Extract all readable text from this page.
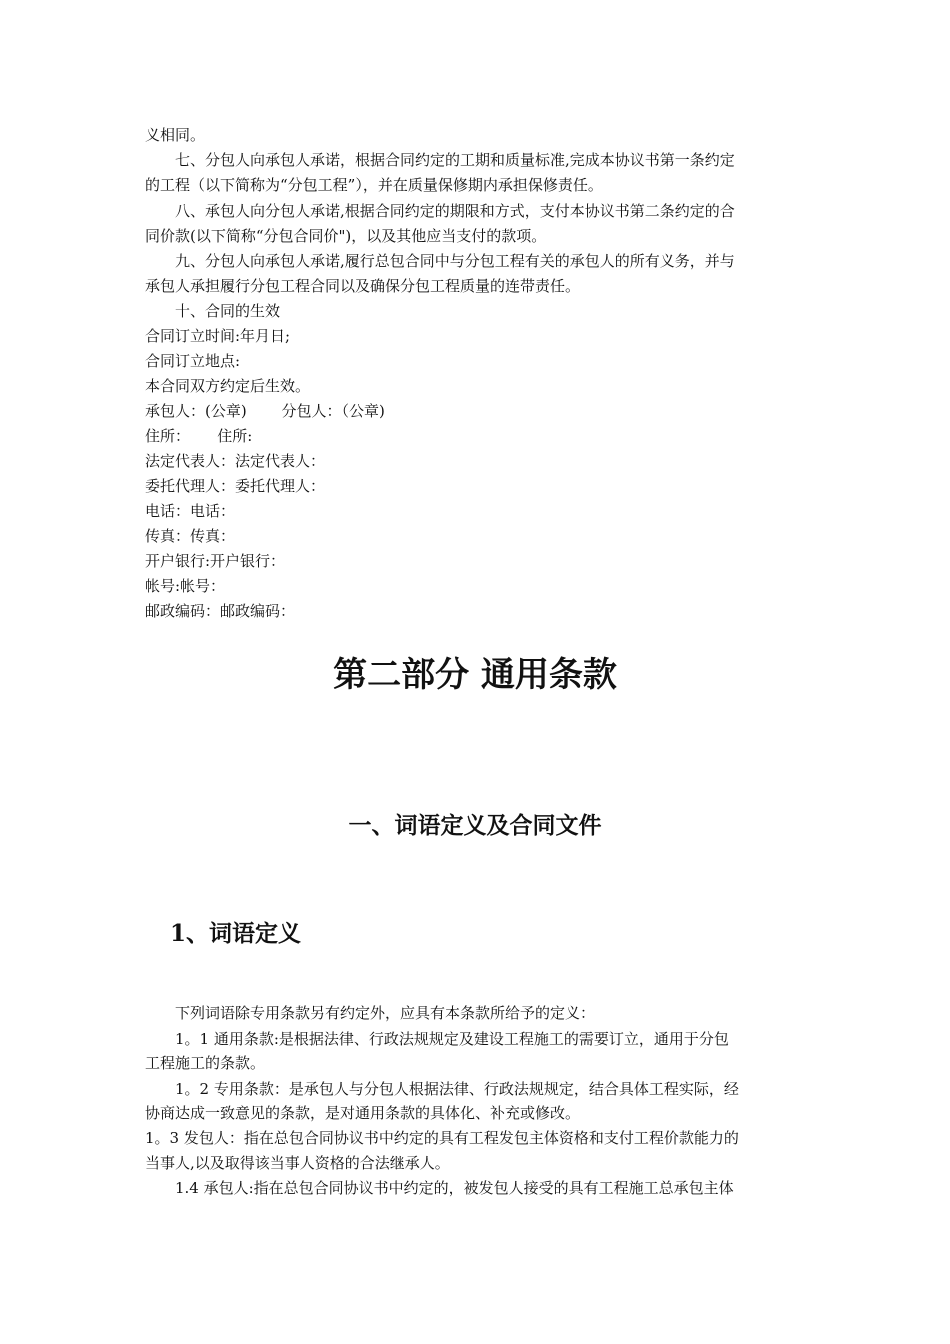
义相同。
　　七、分包人向承包人承诺，根据合同约定的工期和质量标准,完成本协议书第一条约定
的工程（以下简称为“分包工程”），并在质量保修期内承担保修责任。
　　八、承包人向分包人承诺,根据合同约定的期限和方式，支付本协议书第二条约定的合
同价款(以下简称“分包合同价")，以及其他应当支付的款项。
　　九、分包人向承包人承诺,履行总包合同中与分包工程有关的承包人的所有义务，并与
承包人承担履行分包工程合同以及确保分包工程质量的连带责任。
　　十、合同的生效
合同订立时间:年月日;
合同订立地点:
本合同双方约定后生效。
承包人：(公章)　　 分包人：（公章)
住所：　　 住所:
法定代表人：法定代表人：
委托代理人：委托代理人：
电话：电话：
传真：传真：
开户银行:开户银行：
帐号:帐号：
邮政编码：邮政编码：
第二部分 通用条款
一、词语定义及合同文件
1、词语定义
　　下列词语除专用条款另有约定外，应具有本条款所给予的定义：
　　1。1 通用条款:是根据法律、行政法规规定及建设工程施工的需要订立，通用于分包
工程施工的条款。
　　1。2 专用条款：是承包人与分包人根据法律、行政法规规定，结合具体工程实际，经
协商达成一致意见的条款，是对通用条款的具体化、补充或修改。
1。3 发包人：指在总包合同协议书中约定的具有工程发包主体资格和支付工程价款能力的
当事人,以及取得该当事人资格的合法继承人。
　　1.4 承包人:指在总包合同协议书中约定的，被发包人接受的具有工程施工总承包主体
